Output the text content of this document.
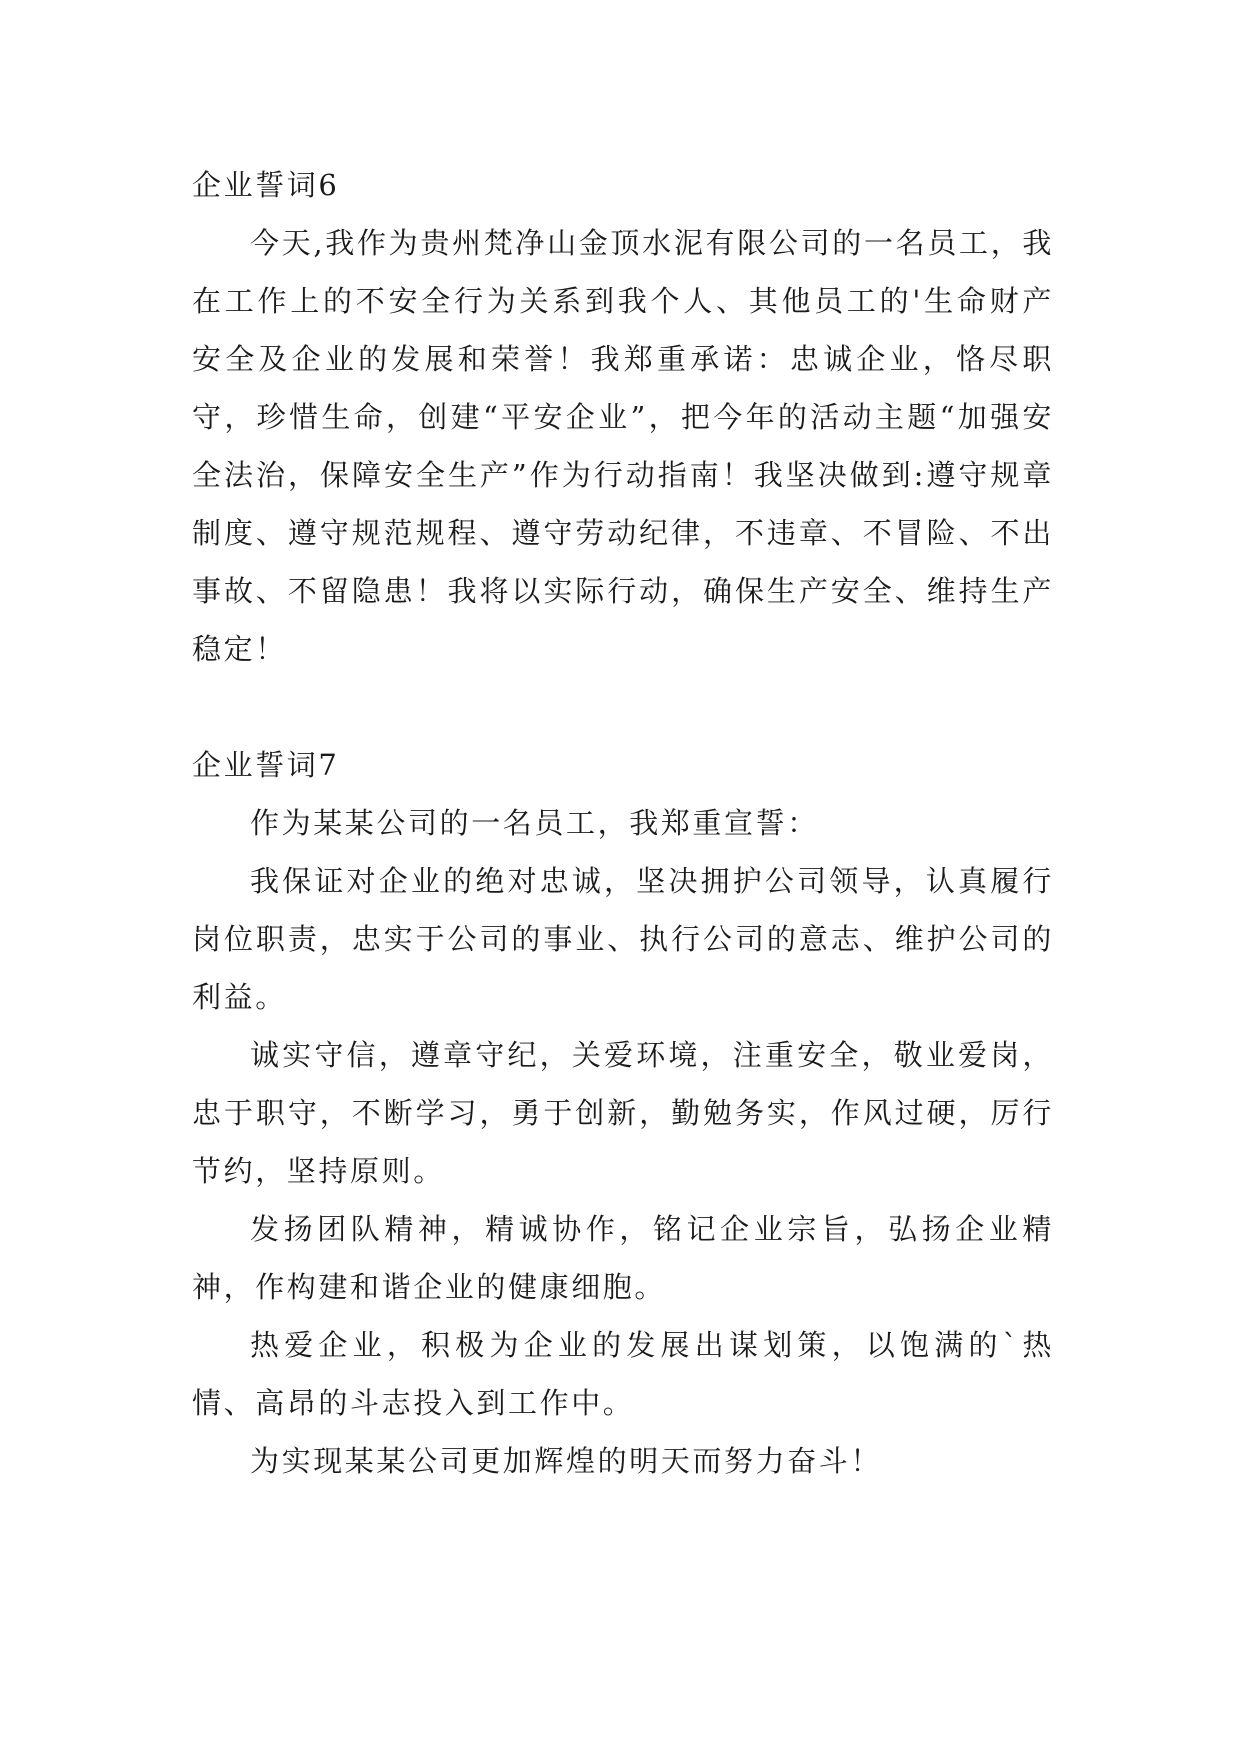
企业誓词6

今天,我作为贵州梵净山金顶水泥有限公司的一名员工，我在工作上的不安全行为关系到我个人、其他员工的'生命财产安全及企业的发展和荣誉！我郑重承诺：忠诚企业，恪尽职守，珍惜生命，创建“平安企业”，把今年的活动主题“加强安全法治，保障安全生产”作为行动指南！我坚决做到:遵守规章制度、遵守规范规程、遵守劳动纪律，不违章、不冒险、不出事故、不留隐患！我将以实际行动，确保生产安全、维持生产稳定！

企业誓词7

作为某某公司的一名员工，我郑重宣誓：

我保证对企业的绝对忠诚，坚决拥护公司领导，认真履行岗位职责，忠实于公司的事业、执行公司的意志、维护公司的利益。

诚实守信，遵章守纪，关爱环境，注重安全，敬业爱岗，忠于职守，不断学习，勇于创新，勤勉务实，作风过硬，厉行节约，坚持原则。

发扬团队精神，精诚协作，铭记企业宗旨，弘扬企业精神，作构建和谐企业的健康细胞。

热爱企业，积极为企业的发展出谋划策，以饱满的`热情、高昂的斗志投入到工作中。

为实现某某公司更加辉煌的明天而努力奋斗！
